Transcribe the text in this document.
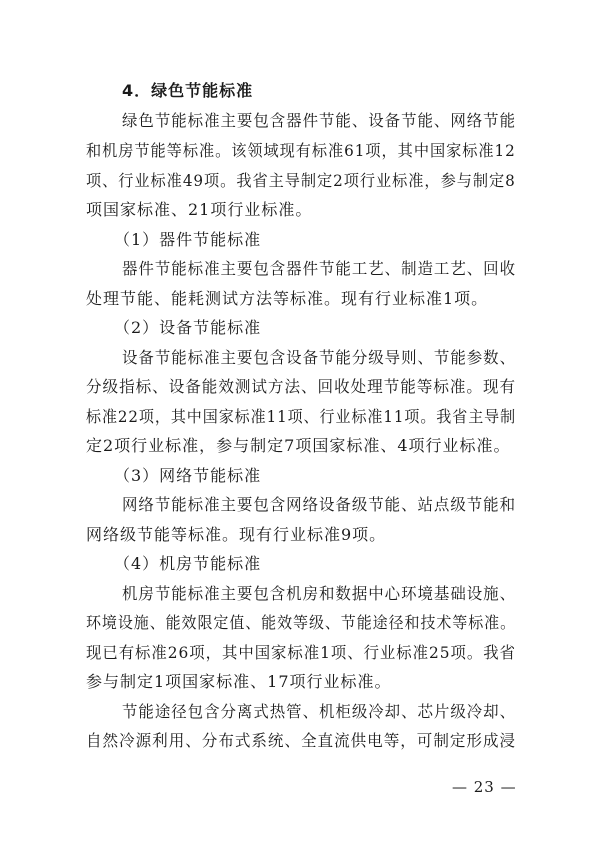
4．绿色节能标准
绿色节能标准主要包含器件节能、设备节能、网络节能
和机房节能等标准。该领域现有标准61项，其中国家标准12
项、行业标准49项。我省主导制定2项行业标准，参与制定8
项国家标准、21项行业标准。
（1）器件节能标准
器件节能标准主要包含器件节能工艺、制造工艺、回收
处理节能、能耗测试方法等标准。现有行业标准1项。
（2）设备节能标准
设备节能标准主要包含设备节能分级导则、节能参数、
分级指标、设备能效测试方法、回收处理节能等标准。现有
标准22项，其中国家标准11项、行业标准11项。我省主导制
定2项行业标准，参与制定7项国家标准、4项行业标准。
（3）网络节能标准
网络节能标准主要包含网络设备级节能、站点级节能和
网络级节能等标准。现有行业标准9项。
（4）机房节能标准
机房节能标准主要包含机房和数据中心环境基础设施、
环境设施、能效限定值、能效等级、节能途径和技术等标准。
现已有标准26项，其中国家标准1项、行业标准25项。我省
参与制定1项国家标准、17项行业标准。
节能途径包含分离式热管、机柜级冷却、芯片级冷却、
自然冷源利用、分布式系统、全直流供电等，可制定形成浸
— 23 —
